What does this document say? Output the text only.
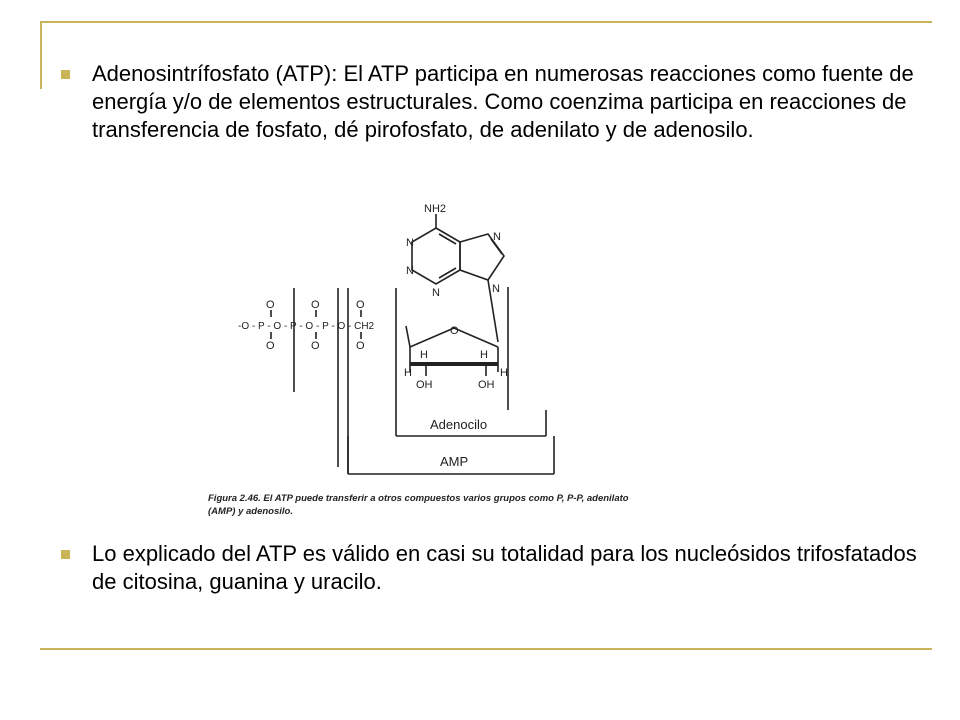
Adenosintrífosfato (ATP): El ATP participa en numerosas reacciones como fuente de energía y/o de elementos estructurales. Como coenzima participa en reacciones de transferencia de fosfato, dé pirofosfato, de adenilato y de adenosilo.
NH2
N
N
N
N
N
O
H	H
H	H
OH	OH
O	O	O
-O - P - O - P - O - P - O - CH2
O	O	O
Adenocilo
AMP
Figura 2.46. El ATP puede transferir a otros compuestos varios grupos como P, P-P, adenilato
(AMP) y adenosilo.
Lo explicado del ATP es válido en casi su totalidad para los nucleósidos trifosfatados de citosina, guanina y uracilo.
